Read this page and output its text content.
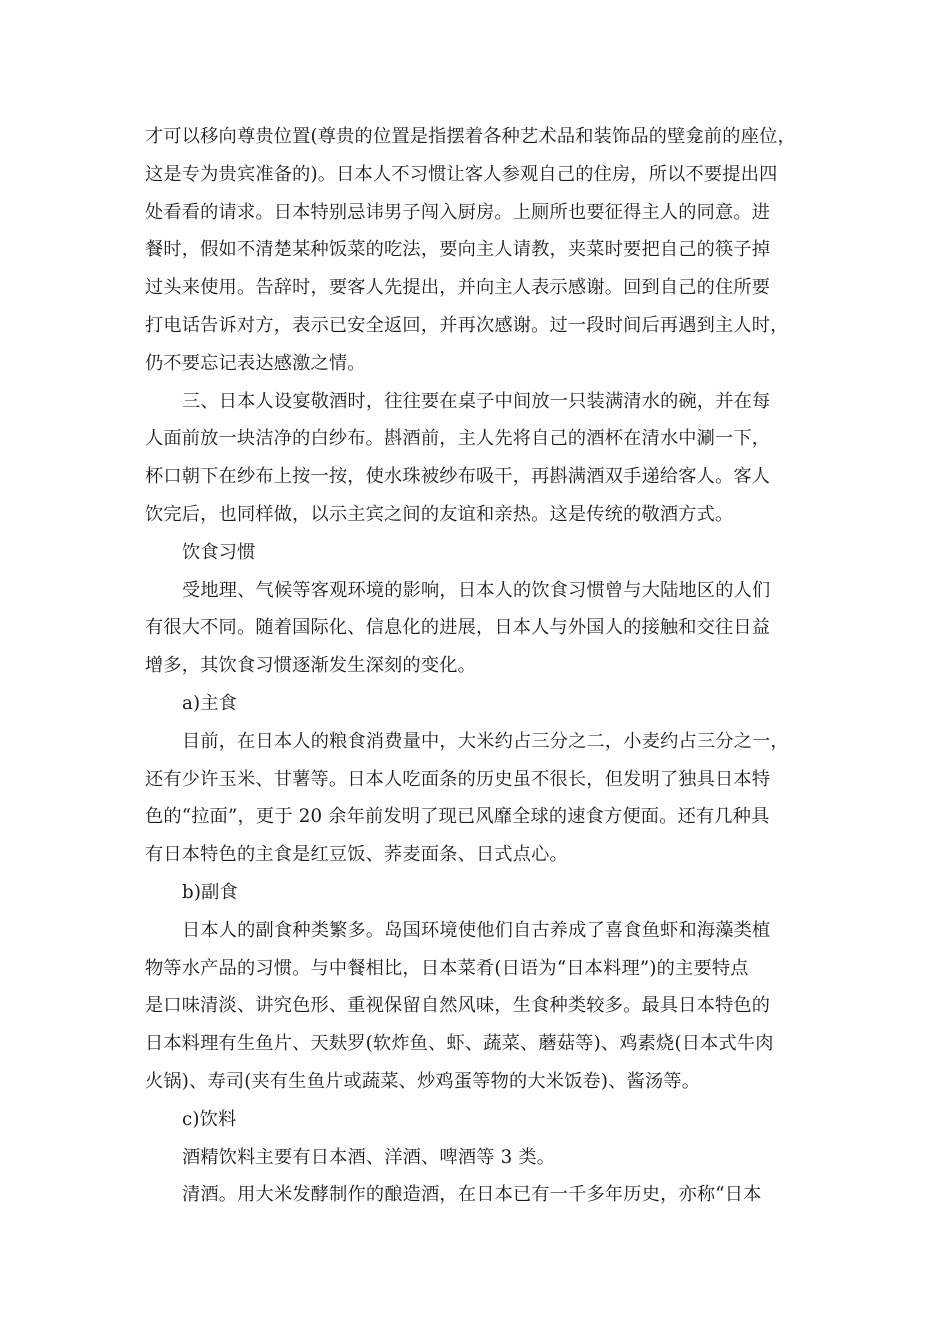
才可以移向尊贵位置(尊贵的位置是指摆着各种艺术品和装饰品的壁龛前的座位，
这是专为贵宾准备的)。日本人不习惯让客人参观自己的住房，所以不要提出四
处看看的请求。日本特别忌讳男子闯入厨房。上厕所也要征得主人的同意。进
餐时，假如不清楚某种饭菜的吃法，要向主人请教，夹菜时要把自己的筷子掉
过头来使用。告辞时，要客人先提出，并向主人表示感谢。回到自己的住所要
打电话告诉对方，表示已安全返回，并再次感谢。过一段时间后再遇到主人时，
仍不要忘记表达感激之情。
三、日本人设宴敬酒时，往往要在桌子中间放一只装满清水的碗，并在每
人面前放一块洁净的白纱布。斟酒前，主人先将自己的酒杯在清水中涮一下，
杯口朝下在纱布上按一按，使水珠被纱布吸干，再斟满酒双手递给客人。客人
饮完后，也同样做，以示主宾之间的友谊和亲热。这是传统的敬酒方式。
饮食习惯
受地理、气候等客观环境的影响，日本人的饮食习惯曾与大陆地区的人们
有很大不同。随着国际化、信息化的进展，日本人与外国人的接触和交往日益
增多，其饮食习惯逐渐发生深刻的变化。
a)主食
目前，在日本人的粮食消费量中，大米约占三分之二，小麦约占三分之一，
还有少许玉米、甘薯等。日本人吃面条的历史虽不很长，但发明了独具日本特
色的“拉面”，更于 20 余年前发明了现已风靡全球的速食方便面。还有几种具
有日本特色的主食是红豆饭、荞麦面条、日式点心。
b)副食
日本人的副食种类繁多。岛国环境使他们自古养成了喜食鱼虾和海藻类植
物等水产品的习惯。与中餐相比，日本菜肴(日语为“日本料理”)的主要特点
是口味清淡、讲究色形、重视保留自然风味，生食种类较多。最具日本特色的
日本料理有生鱼片、天麸罗(软炸鱼、虾、蔬菜、蘑菇等)、鸡素烧(日本式牛肉
火锅)、寿司(夹有生鱼片或蔬菜、炒鸡蛋等物的大米饭卷)、酱汤等。
c)饮料
酒精饮料主要有日本酒、洋酒、啤酒等 3 类。
清酒。用大米发酵制作的酿造酒，在日本已有一千多年历史，亦称“日本
